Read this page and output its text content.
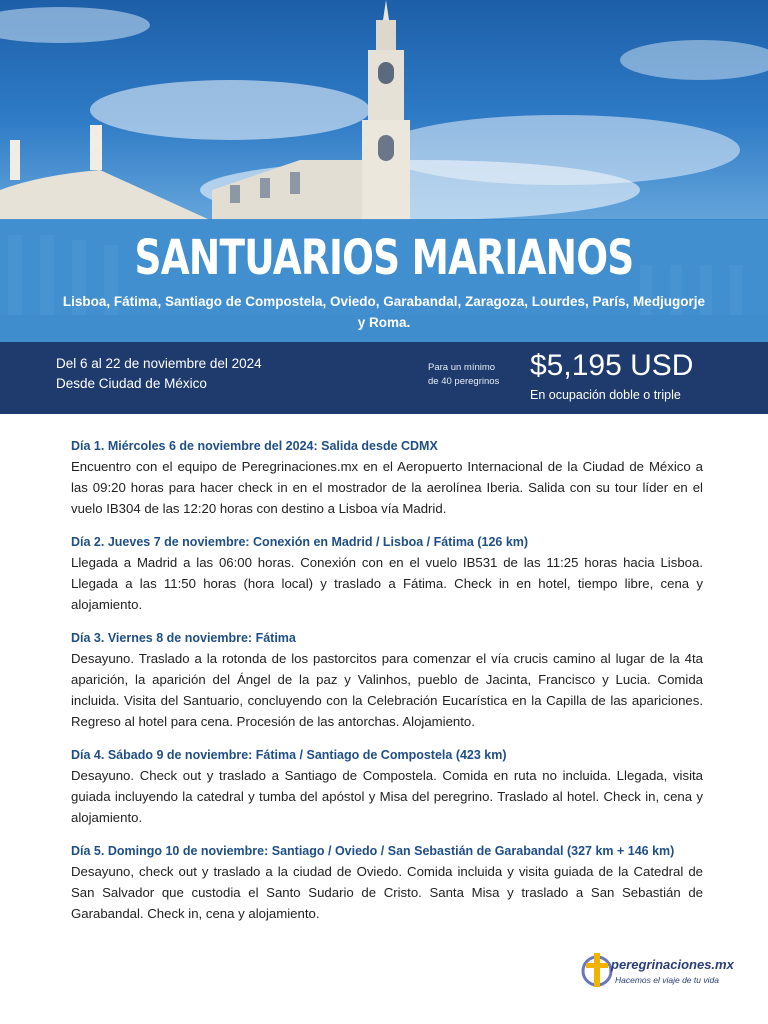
SANTUARIOS MARIANOS
Lisboa, Fátima, Santiago de Compostela, Oviedo, Garabandal, Zaragoza, Lourdes, París, Medjugorje y Roma.
Del 6 al 22 de noviembre del 2024
Desde Ciudad de México
Para un mínimo
de 40 peregrinos $5,195 USD
En ocupación doble o triple

Día 1. Miércoles 6 de noviembre del 2024: Salida desde CDMX

Encuentro con el equipo de Peregrinaciones.mx en el Aeropuerto Internacional de la Ciudad de México a las 09:20 horas para hacer check in en el mostrador de la aerolínea Iberia. Salida con su tour líder en el vuelo IB304 de las 12:20 horas con destino a Lisboa vía Madrid.

Día 2. Jueves 7 de noviembre: Conexión en Madrid / Lisboa / Fátima (126 km)

Llegada a Madrid a las 06:00 horas. Conexión con en el vuelo IB531 de las 11:25 horas hacia Lisboa. Llegada a las 11:50 horas (hora local) y traslado a Fátima. Check in en hotel, tiempo libre, cena y alojamiento.

Día 3. Viernes 8 de noviembre: Fátima

Desayuno. Traslado a la rotonda de los pastorcitos para comenzar el vía crucis camino al lugar de la 4ta aparición, la aparición del Ángel de la paz y Valinhos, pueblo de Jacinta, Francisco y Lucia. Comida incluida. Visita del Santuario, concluyendo con la Celebración Eucarística en la Capilla de las apariciones. Regreso al hotel para cena. Procesión de las antorchas. Alojamiento.

Día 4. Sábado 9 de noviembre: Fátima / Santiago de Compostela (423 km)

Desayuno. Check out y traslado a Santiago de Compostela. Comida en ruta no incluida. Llegada, visita guiada incluyendo la catedral y tumba del apóstol y Misa del peregrino. Traslado al hotel. Check in, cena y alojamiento.

Día 5. Domingo 10 de noviembre: Santiago / Oviedo / San Sebastián de Garabandal (327 km + 146 km)

Desayuno, check out y traslado a la ciudad de Oviedo. Comida incluida y visita guiada de la Catedral de San Salvador que custodia el Santo Sudario de Cristo. Santa Misa y traslado a San Sebastián de Garabandal. Check in, cena y alojamiento.

peregrinaciones.mx
Hacemos el viaje de tu vida
